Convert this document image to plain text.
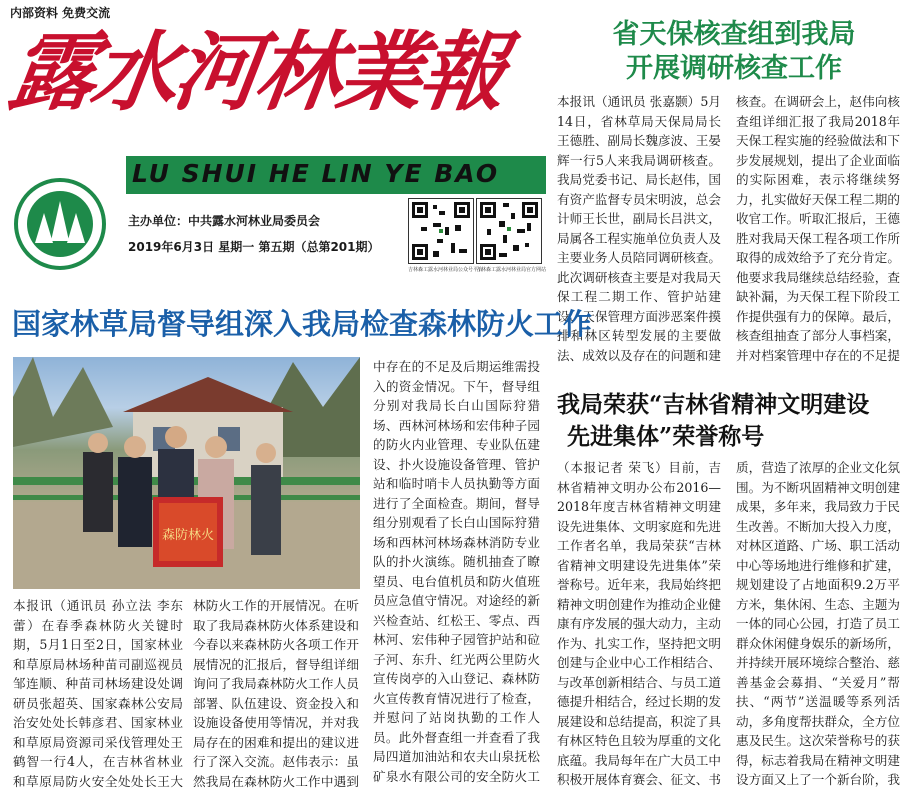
内部资料 免费交流
露水河林業報
LU SHUI HE LIN YE BAO
主办单位：中共露水河林业局委员会
2019年6月3日 星期一 第五期（总第201期）
吉林森工露水河林业局公众号平台
吉林森工露水河林业局官方网站
省天保核查组到我局
开展调研核查工作
本报讯（通讯员 张嘉颢）5月14日，省林草局天保局局长王德胜、副局长魏彦波、王晏辉一行5人来我局调研核查。我局党委书记、局长赵伟，国有资产监督专员宋明波，总会计师王长世，副局长吕洪文，局属各工程实施单位负责人及主要业务人员陪同调研核查。此次调研核查主要是对我局天保工程二期工作、管护站建设、天保管理方面涉恶案件摸排和林区转型发展的主要做法、成效以及存在的问题和建
核查。在调研会上，赵伟向核查组详细汇报了我局2018年天保工程实施的经验做法和下步发展规划，提出了企业面临的实际困难，表示将继续努力，扎实做好天保工程二期的收官工作。听取汇报后，王德胜对我局天保工程各项工作所取得的成效给予了充分肯定。他要求我局继续总结经验，查缺补漏，为天保工程下阶段工作提供强有力的保障。最后，核查组抽查了部分人事档案，并对档案管理中存在的不足提
我局荣获“吉林省精神文明建设
先进集体”荣誉称号
（本报记者 荣飞）目前，吉林省精神文明办公布2016—2018年度吉林省精神文明建设先进集体、文明家庭和先进工作者名单，我局荣获“吉林省精神文明建设先进集体”荣誉称号。近年来，我局始终把精神文明创建作为推动企业健康有序发展的强大动力，主动作为、扎实工作，坚持把文明创建与企业中心工作相结合、与改革创新相结合、与员工道德提升相结合，经过长期的发展建设和总结提高，积淀了具有林区特色且较为厚重的文化底蕴。我局每年在广大员工中积极开展体育赛会、征文、书
质，营造了浓厚的企业文化氛围。为不断巩固精神文明创建成果，多年来，我局致力于民生改善。不断加大投入力度，对林区道路、广场、职工活动中心等场地进行维修和扩建，规划建设了占地面积9.2万平方米，集休闲、生态、主题为一体的同心公园，打造了员工群众休闲健身娱乐的新场所，并持续开展环境综合整治、慈善基金会募捐、“关爱月”帮扶、“两节”送温暖等系列活动，多角度帮扶群众，全方位惠及民生。这次荣誉称号的获得，标志着我局在精神文明建设方面又上了一个新台阶，我
国家林草局督导组深入我局检查森林防火工作
森防林火
本报讯（通讯员 孙立法 李东蕾）在春季森林防火关键时期，5月1日至2日，国家林业和草原局林场种苗司副巡视员邹连顺、种苗司林场建设处调研员张超英、国家森林公安局治安处处长韩彦君、国家林业和草原局资源司采伐管理处王鹤智一行4人，在吉林省林业和草原局防火安全处处长王大
林防火工作的开展情况。在听取了我局森林防火体系建设和今春以来森林防火各项工作开展情况的汇报后，督导组详细询问了我局森林防火工作人员部署、队伍建设、资金投入和设施设备使用等情况，并对我局存在的困难和提出的建议进行了深入交流。赵伟表示：虽然我局在森林防火工作中遇到
中存在的不足及后期运维需投入的资金情况。下午，督导组分别对我局长白山国际狩猎场、西林河林场和宏伟种子园的防火内业管理、专业队伍建设、扑火设施设备管理、管护站和临时哨卡人员执勤等方面进行了全面检查。期间，督导组分别观看了长白山国际狩猎场和西林河林场森林消防专业队的扑火演练。随机抽查了瞭望员、电台值机员和防火值班员应急值守情况。对途经的新兴检查站、红松王、零点、西林河、宏伟种子园管护站和砬子河、东升、红光两公里防火宣传岗亭的入山登记、森林防火宣传教育情况进行了检查，并慰问了站岗执勤的工作人员。此外督查组一并查看了我局四道加油站和农夫山泉抚松矿泉水有限公司的安全防火工
